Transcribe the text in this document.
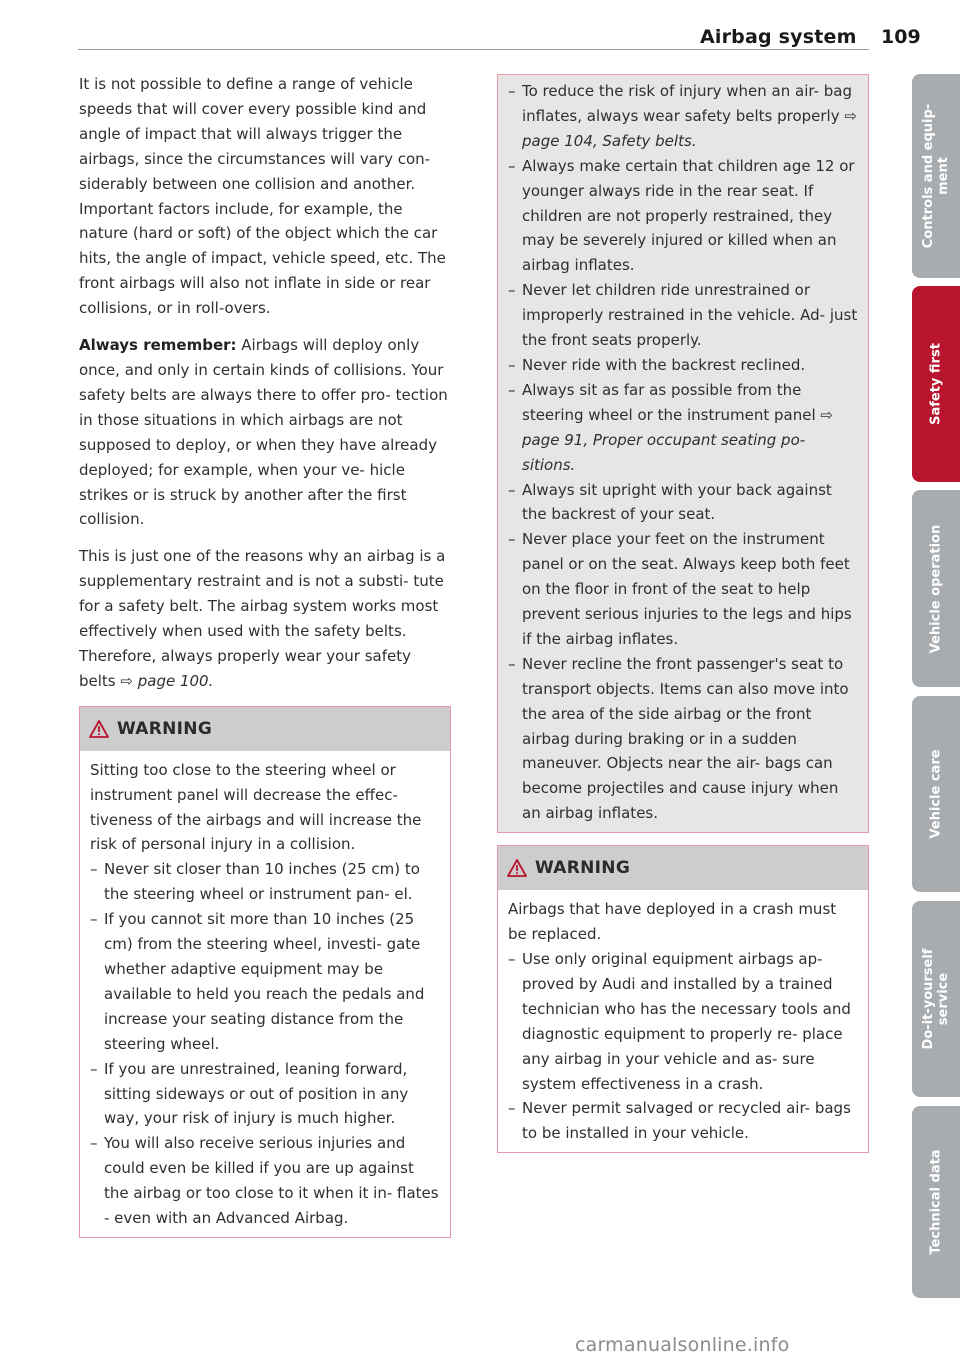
Airbag system 109

It is not possible to define a range of vehicle speeds that will cover every possible kind and angle of impact that will always trigger the airbags, since the circumstances will vary con- siderably between one collision and another. Important factors include, for example, the nature (hard or soft) of the object which the car hits, the angle of impact, vehicle speed, etc. The front airbags will also not inflate in side or rear collisions, or in roll-overs.

Always remember: Airbags will deploy only once, and only in certain kinds of collisions. Your safety belts are always there to offer pro- tection in those situations in which airbags are not supposed to deploy, or when they have already deployed; for example, when your ve- hicle strikes or is struck by another after the first collision.

This is just one of the reasons why an airbag is a supplementary restraint and is not a substi- tute for a safety belt. The airbag system works most effectively when used with the safety belts. Therefore, always properly wear your safety belts ⇨ page 100.

WARNING

Sitting too close to the steering wheel or instrument panel will decrease the effec- tiveness of the airbags and will increase the risk of personal injury in a collision.

– Never sit closer than 10 inches (25 cm) to the steering wheel or instrument pan- el.
– If you cannot sit more than 10 inches (25 cm) from the steering wheel, investi- gate whether adaptive equipment may be available to held you reach the pedals and increase your seating distance from the steering wheel.
– If you are unrestrained, leaning forward, sitting sideways or out of position in any way, your risk of injury is much higher.
– You will also receive serious injuries and could even be killed if you are up against the airbag or too close to it when it in- flates - even with an Advanced Airbag.
– To reduce the risk of injury when an air- bag inflates, always wear safety belts properly ⇨ page 104, Safety belts.
– Always make certain that children age 12 or younger always ride in the rear seat. If children are not properly restrained, they may be severely injured or killed when an airbag inflates.
– Never let children ride unrestrained or improperly restrained in the vehicle. Ad- just the front seats properly.
– Never ride with the backrest reclined.
– Always sit as far as possible from the steering wheel or the instrument panel ⇨ page 91, Proper occupant seating po- sitions.
– Always sit upright with your back against the backrest of your seat.
– Never place your feet on the instrument panel or on the seat. Always keep both feet on the floor in front of the seat to help prevent serious injuries to the legs and hips if the airbag inflates.
– Never recline the front passenger's seat to transport objects. Items can also move into the area of the side airbag or the front airbag during braking or in a sudden maneuver. Objects near the air- bags can become projectiles and cause injury when an airbag inflates.
WARNING

Airbags that have deployed in a crash must be replaced.

– Use only original equipment airbags ap- proved by Audi and installed by a trained technician who has the necessary tools and diagnostic equipment to properly re- place any airbag in your vehicle and as- sure system effectiveness in a crash.
– Never permit salvaged or recycled air- bags to be installed in your vehicle.
Controls and equip-
ment
Safety first
Vehicle operation
Vehicle care
Do-it-yourself
service
Technical data
carmanualsonline.info
